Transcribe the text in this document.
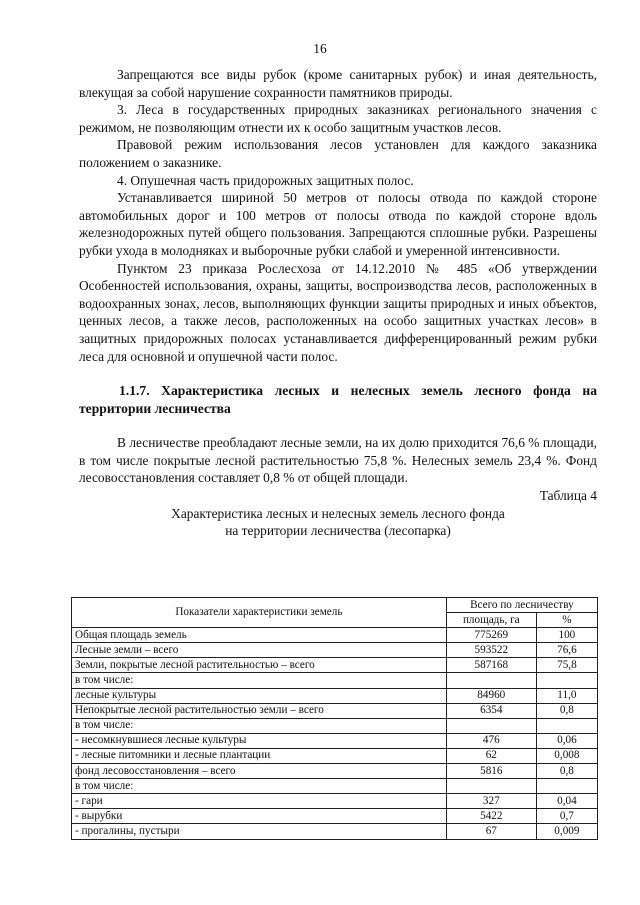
16

Запрещаются все виды рубок (кроме санитарных рубок) и иная деятельность, влекущая за собой нарушение сохранности памятников природы.

3. Леса в государственных природных заказниках регионального значения с режимом, не позволяющим отнести их к особо защитным участков лесов.

Правовой режим использования лесов установлен для каждого заказника положением о заказнике.

4. Опушечная часть придорожных защитных полос.

Устанавливается шириной 50 метров от полосы отвода по каждой стороне автомобильных дорог и 100 метров от полосы отвода по каждой стороне вдоль железнодорожных путей общего пользования. Запрещаются сплошные рубки. Разрешены рубки ухода в молодняках и выборочные рубки слабой и умеренной интенсивности.

Пунктом 23 приказа Рослесхоза от 14.12.2010 № 485 «Об утверждении Особенностей использования, охраны, защиты, воспроизводства лесов, расположенных в водоохранных зонах, лесов, выполняющих функции защиты природных и иных объектов, ценных лесов, а также лесов, расположенных на особо защитных участках лесов» в защитных придорожных полосах устанавливается дифференцированный режим рубки леса для основной и опушечной части полос.

1.1.7. Характеристика лесных и нелесных земель лесного фонда на территории лесничества

В лесничестве преобладают лесные земли, на их долю приходится 76,6 % площади, в том числе покрытые лесной растительностью 75,8 %. Нелесных земель 23,4 %. Фонд лесовосстановления составляет 0,8 % от общей площади.

Таблица 4

Характеристика лесных и нелесных земель лесного фонда

на территории лесничества (лесопарка)

Показатели характеристики земель	Всего по лесничеству	
	площадь, га	%
Общая площадь земель	775269	100
Лесные земли – всего	593522	76,6
Земли, покрытые лесной растительностью – всего	587168	75,8
в том числе:		
лесные культуры	84960	11,0
Непокрытые лесной растительностью земли – всего	6354	0,8
в том числе:		
- несомкнувшиеся лесные культуры	476	0,06
- лесные питомники и лесные плантации	62	0,008
фонд лесовосстановления – всего	5816	0,8
в том числе:		
- гари	327	0,04
- вырубки	5422	0,7
- прогалины, пустыри	67	0,009
